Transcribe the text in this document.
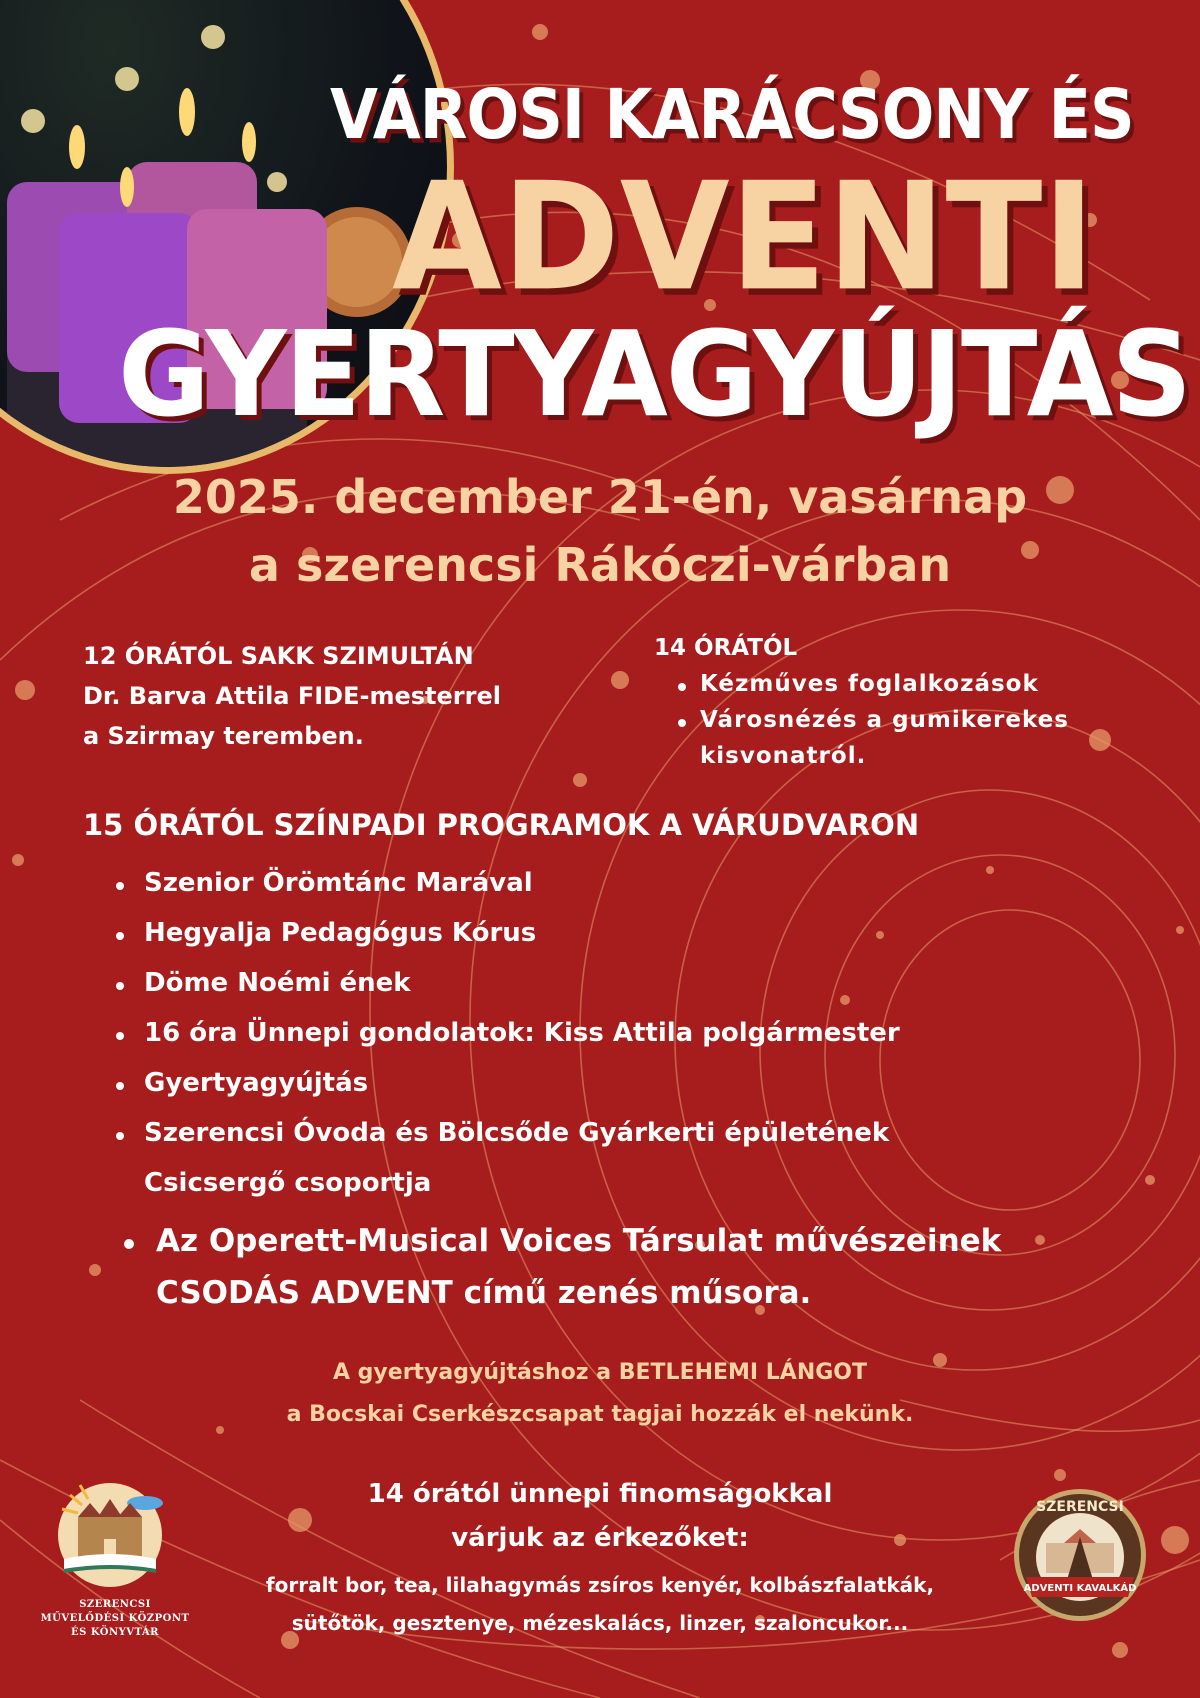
VÁROSI KARÁCSONY ÉS
ADVENTI
GYERTYAGYÚJTÁS
2025. december 21-én, vasárnap
a szerencsi Rákóczi-várban
12 ÓRÁTÓL SAKK SZIMULTÁN
Dr. Barva Attila FIDE-mesterrel
a Szirmay teremben.
14 ÓRÁTÓL
Kézműves foglalkozások
Városnézés a gumikerekes
kisvonatról.
15 ÓRÁTÓL SZÍNPADI PROGRAMOK A VÁRUDVARON
Szenior Örömtánc Marával
Hegyalja Pedagógus Kórus
Döme Noémi ének
16 óra Ünnepi gondolatok: Kiss Attila polgármester
Gyertyagyújtás
Szerencsi Óvoda és Bölcsőde Gyárkerti épületének
Csicsergő csoportja
Az Operett-Musical Voices Társulat művészeinek
CSODÁS ADVENT című zenés műsora.
A gyertyagyújtáshoz a BETLEHEMI LÁNGOT
a Bocskai Cserkészcsapat tagjai hozzák el nekünk.
14 órától ünnepi finomságokkal
várjuk az érkezőket:
forralt bor, tea, lilahagymás zsíros kenyér, kolbászfalatkák,
sütőtök, gesztenye, mézeskalács, linzer, szaloncukor...
SZERENCSI
MŰVELŐDÉSI KÖZPONT
ÉS KÖNYVTÁR
ADVENTI KAVALKÁD
SZERENCSI
